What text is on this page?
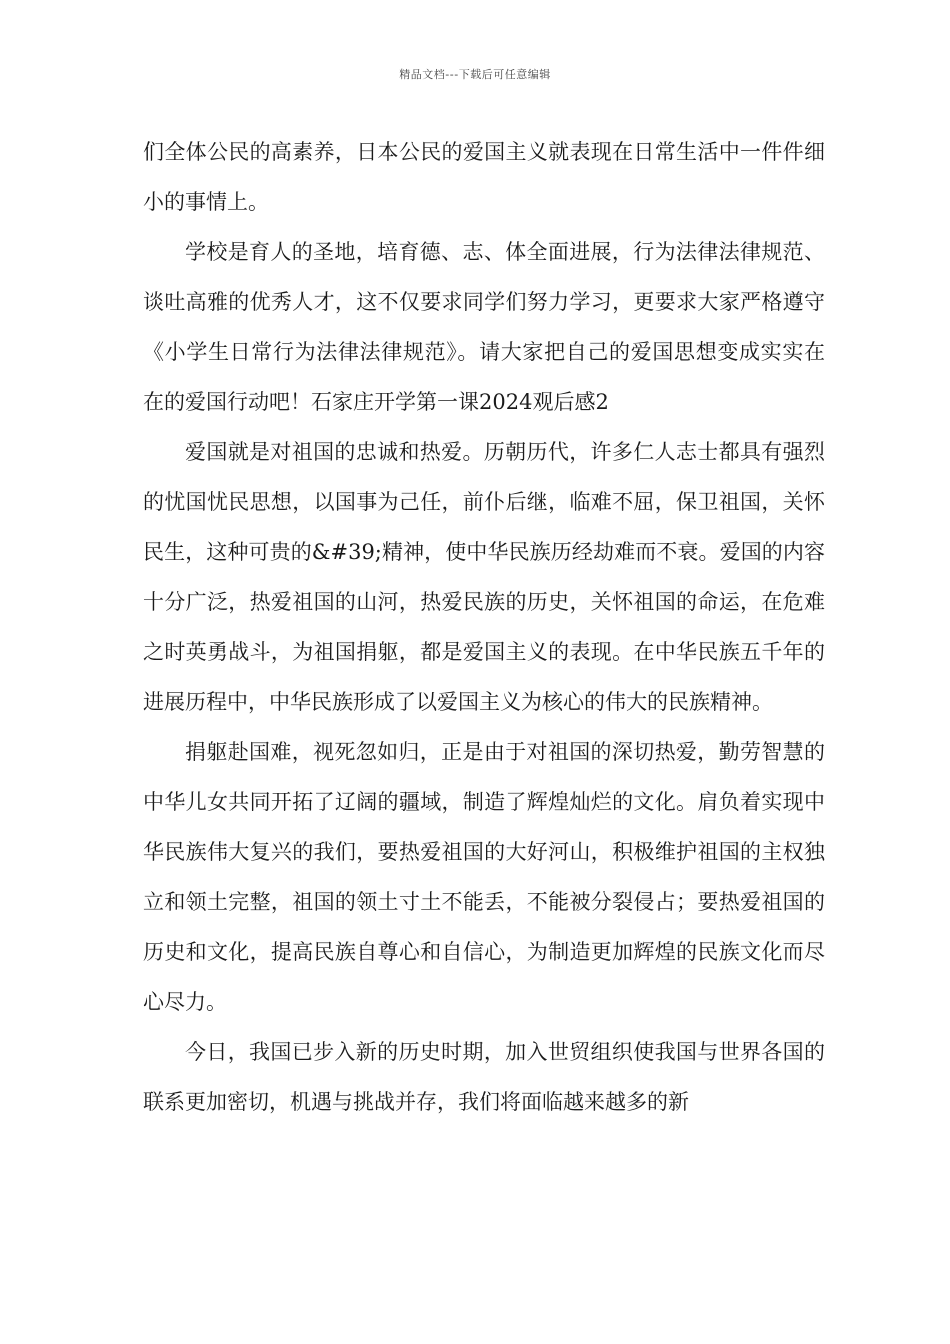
精品文档---下载后可任意编辑

们全体公民的高素养，日本公民的爱国主义就表现在日常生活中一件件细小的事情上。

学校是育人的圣地，培育德、志、体全面进展，行为法律法律规范、谈吐高雅的优秀人才，这不仅要求同学们努力学习，更要求大家严格遵守《小学生日常行为法律法律规范》。请大家把自己的爱国思想变成实实在在的爱国行动吧！石家庄开学第一课2024观后感2

爱国就是对祖国的忠诚和热爱。历朝历代，许多仁人志士都具有强烈的忧国忧民思想，以国事为己任，前仆后继，临难不屈，保卫祖国，关怀民生，这种可贵的&#39;精神，使中华民族历经劫难而不衰。爱国的内容十分广泛，热爱祖国的山河，热爱民族的历史，关怀祖国的命运，在危难之时英勇战斗，为祖国捐躯，都是爱国主义的表现。在中华民族五千年的进展历程中，中华民族形成了以爱国主义为核心的伟大的民族精神。

捐躯赴国难，视死忽如归，正是由于对祖国的深切热爱，勤劳智慧的中华儿女共同开拓了辽阔的疆域，制造了辉煌灿烂的文化。肩负着实现中华民族伟大复兴的我们，要热爱祖国的大好河山，积极维护祖国的主权独立和领土完整，祖国的领土寸土不能丢，不能被分裂侵占；要热爱祖国的历史和文化，提高民族自尊心和自信心，为制造更加辉煌的民族文化而尽心尽力。

今日，我国已步入新的历史时期，加入世贸组织使我国与世界各国的联系更加密切，机遇与挑战并存，我们将面临越来越多的新
